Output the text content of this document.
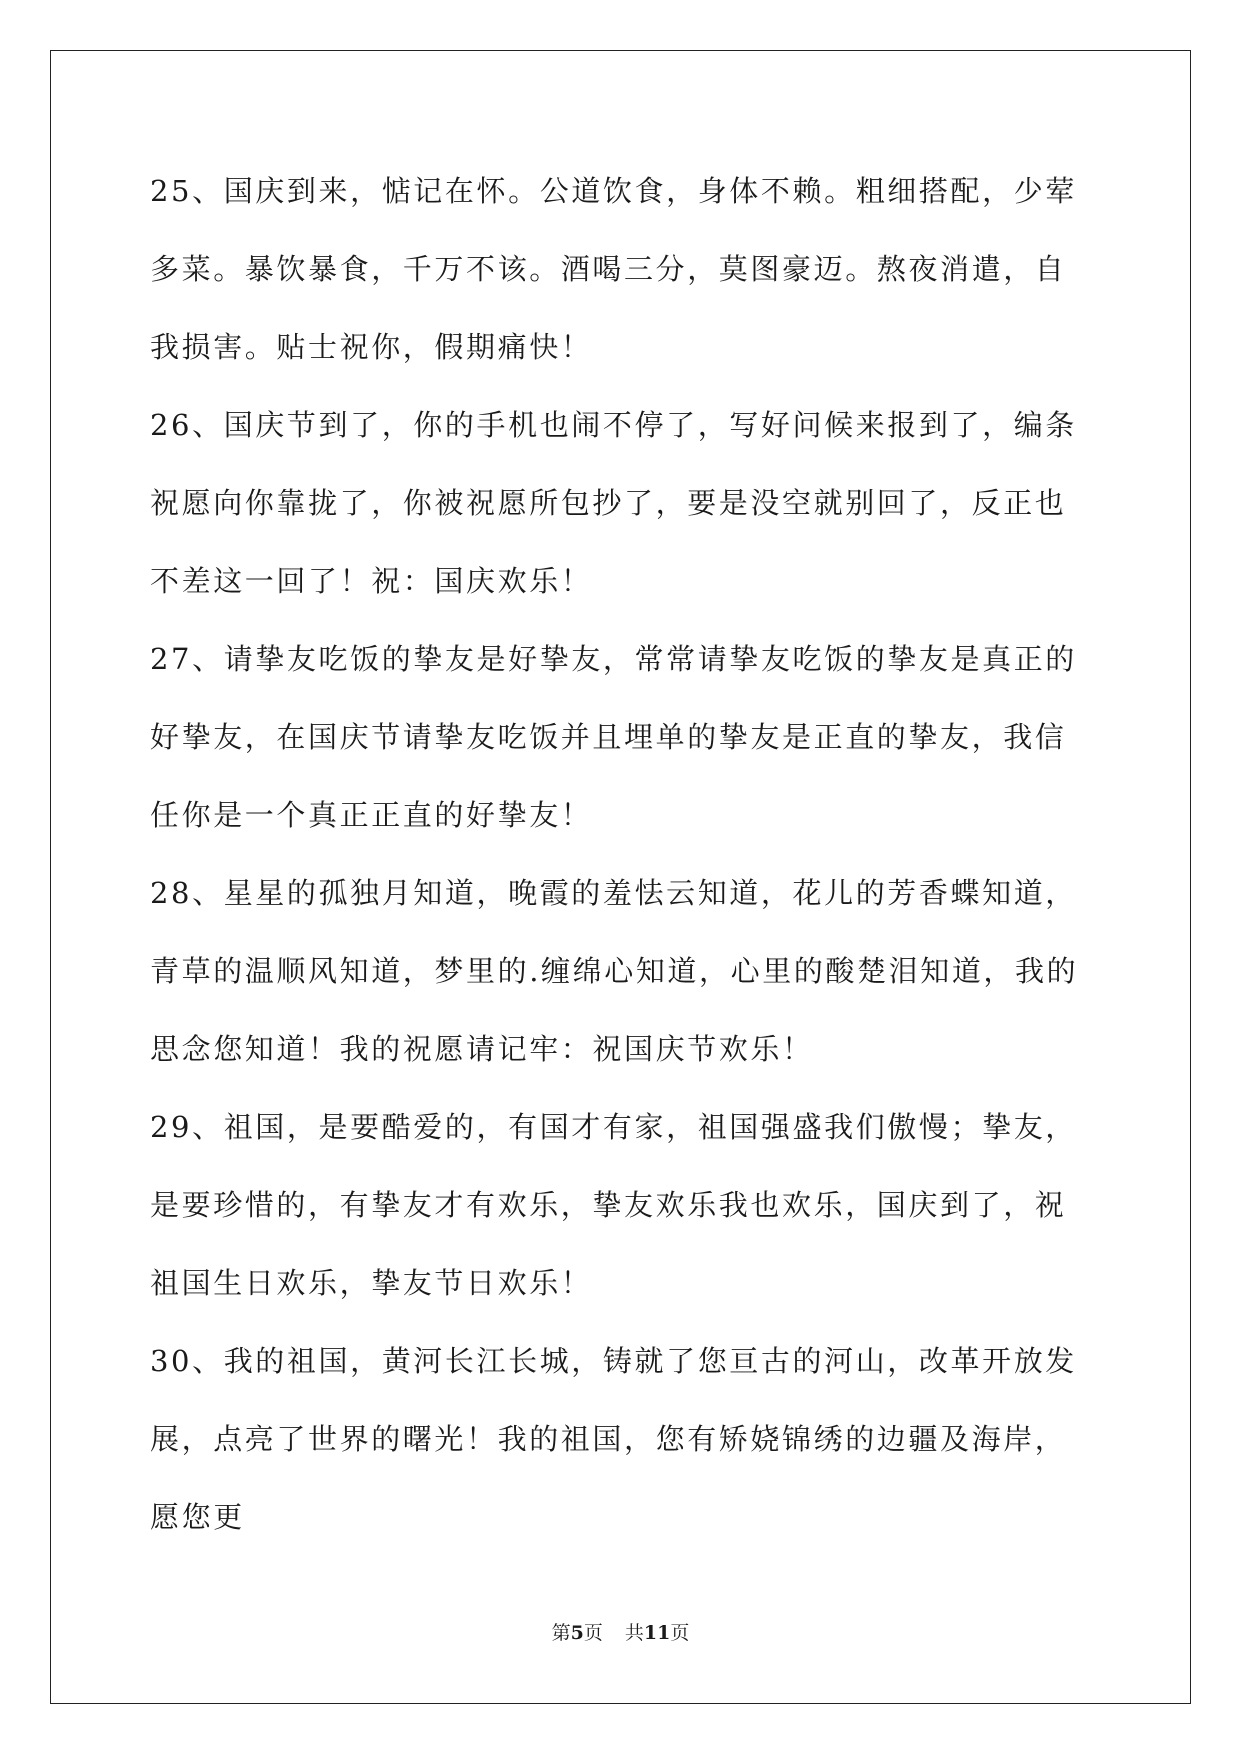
25、国庆到来，惦记在怀。公道饮食，身体不赖。粗细搭配，少荤多菜。暴饮暴食，千万不该。酒喝三分，莫图豪迈。熬夜消遣，自我损害。贴士祝你，假期痛快！

26、国庆节到了，你的手机也闹不停了，写好问候来报到了，编条祝愿向你靠拢了，你被祝愿所包抄了，要是没空就别回了，反正也不差这一回了！祝：国庆欢乐！

27、请挚友吃饭的挚友是好挚友，常常请挚友吃饭的挚友是真正的好挚友，在国庆节请挚友吃饭并且埋单的挚友是正直的挚友，我信任你是一个真正正直的好挚友！

28、星星的孤独月知道，晚霞的羞怯云知道，花儿的芳香蝶知道，青草的温顺风知道，梦里的.缠绵心知道，心里的酸楚泪知道，我的思念您知道！我的祝愿请记牢：祝国庆节欢乐！

29、祖国，是要酷爱的，有国才有家，祖国强盛我们傲慢；挚友，是要珍惜的，有挚友才有欢乐，挚友欢乐我也欢乐，国庆到了，祝祖国生日欢乐，挚友节日欢乐！

30、我的祖国，黄河长江长城，铸就了您亘古的河山，改革开放发展，点亮了世界的曙光！我的祖国，您有矫娆锦绣的边疆及海岸，愿您更

第5页 共11页
